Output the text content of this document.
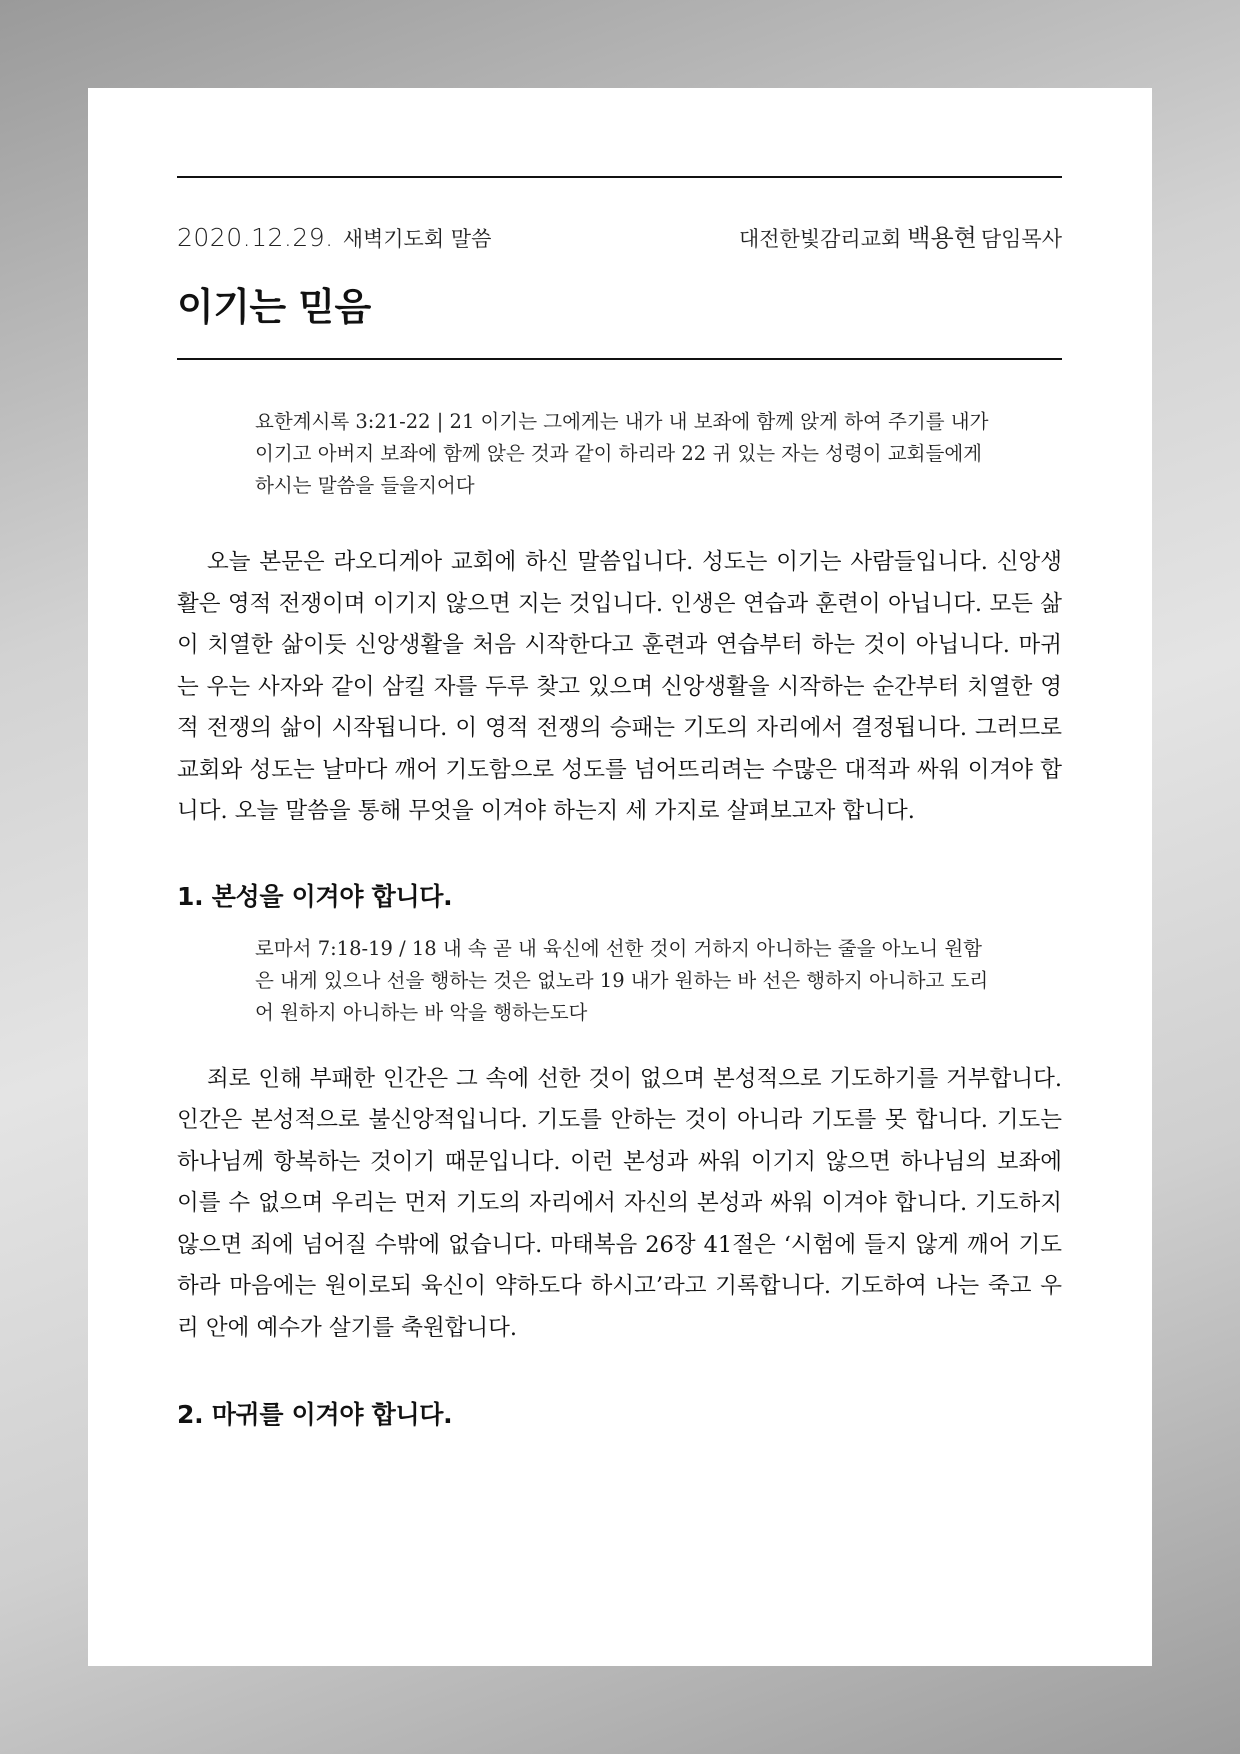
2020.12.29. 새벽기도회 말씀	대전한빛감리교회 백용현 담임목사
이기는 믿음
요한계시록 3:21-22 | 21 이기는 그에게는 내가 내 보좌에 함께 앉게 하여 주기를 내가 이기고 아버지 보좌에 함께 앉은 것과 같이 하리라 22 귀 있는 자는 성령이 교회들에게 하시는 말씀을 들을지어다

오늘 본문은 라오디게아 교회에 하신 말씀입니다. 성도는 이기는 사람들입니다. 신앙생활은 영적 전쟁이며 이기지 않으면 지는 것입니다. 인생은 연습과 훈련이 아닙니다. 모든 삶이 치열한 삶이듯 신앙생활을 처음 시작한다고 훈련과 연습부터 하는 것이 아닙니다. 마귀는 우는 사자와 같이 삼킬 자를 두루 찾고 있으며 신앙생활을 시작하는 순간부터 치열한 영적 전쟁의 삶이 시작됩니다. 이 영적 전쟁의 승패는 기도의 자리에서 결정됩니다. 그러므로 교회와 성도는 날마다 깨어 기도함으로 성도를 넘어뜨리려는 수많은 대적과 싸워 이겨야 합니다. 오늘 말씀을 통해 무엇을 이겨야 하는지 세 가지로 살펴보고자 합니다.

1. 본성을 이겨야 합니다.
로마서 7:18-19 / 18 내 속 곧 내 육신에 선한 것이 거하지 아니하는 줄을 아노니 원함은 내게 있으나 선을 행하는 것은 없노라 19 내가 원하는 바 선은 행하지 아니하고 도리어 원하지 아니하는 바 악을 행하는도다

죄로 인해 부패한 인간은 그 속에 선한 것이 없으며 본성적으로 기도하기를 거부합니다. 인간은 본성적으로 불신앙적입니다. 기도를 안하는 것이 아니라 기도를 못 합니다. 기도는 하나님께 항복하는 것이기 때문입니다. 이런 본성과 싸워 이기지 않으면 하나님의 보좌에 이를 수 없으며 우리는 먼저 기도의 자리에서 자신의 본성과 싸워 이겨야 합니다. 기도하지 않으면 죄에 넘어질 수밖에 없습니다. 마태복음 26장 41절은 ‘시험에 들지 않게 깨어 기도하라 마음에는 원이로되 육신이 약하도다 하시고’라고 기록합니다. 기도하여 나는 죽고 우리 안에 예수가 살기를 축원합니다.

2. 마귀를 이겨야 합니다.
